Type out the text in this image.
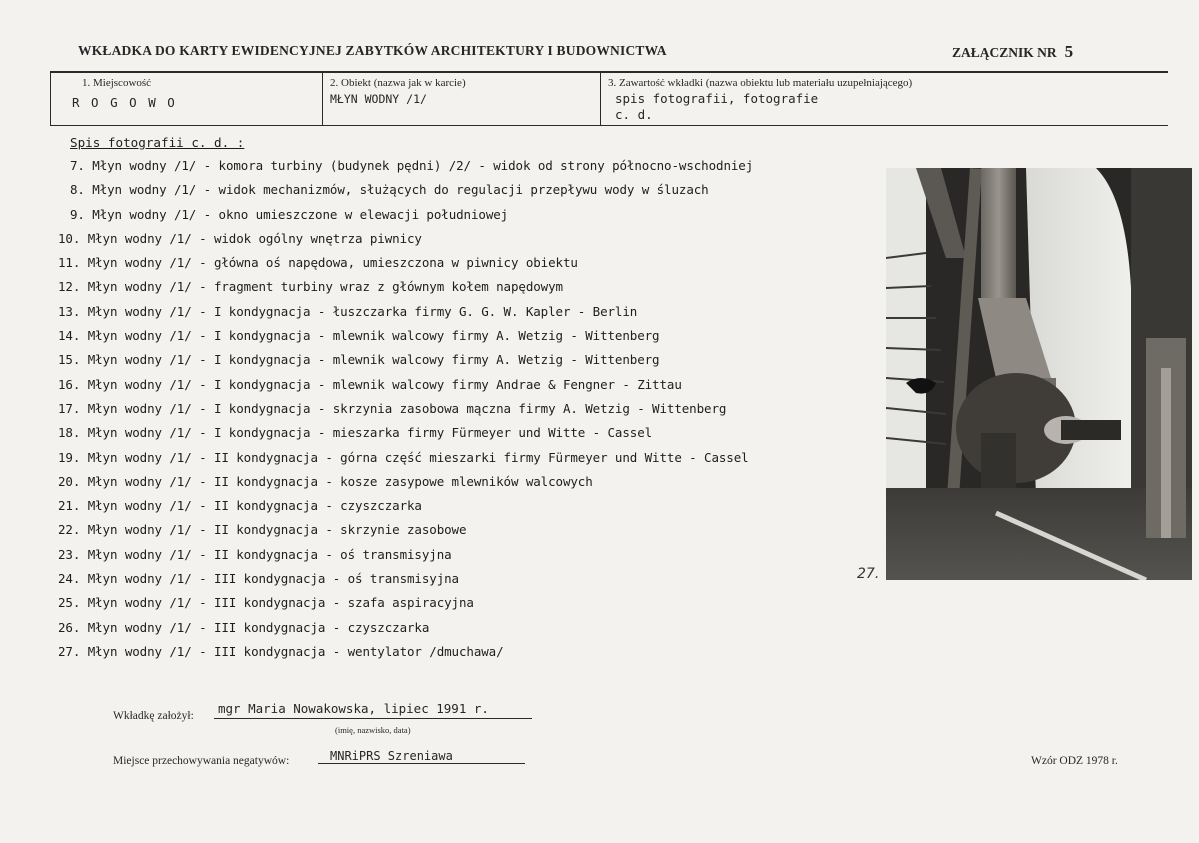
WKŁADKA DO KARTY EWIDENCYJNEJ ZABYTKÓW ARCHITEKTURY I BUDOWNICTWA	ZAŁĄCZNIK NR 5
1. Miejscowość
R O G O W O
2. Obiekt (nazwa jak w karcie)
MŁYN WODNY /1/
3. Zawartość wkładki (nazwa obiektu lub materiału uzupełniającego)
spis fotografii, fotografie
c. d.
Spis fotografii c. d. :
7. Młyn wodny /1/ - komora turbiny (budynek pędni) /2/ - widok od strony północno-wschodniej
8. Młyn wodny /1/ - widok mechanizmów, służących do regulacji przepływu wody w śluzach
9. Młyn wodny /1/ - okno umieszczone w elewacji południowej
10. Młyn wodny /1/ - widok ogólny wnętrza piwnicy
11. Młyn wodny /1/ - główna oś napędowa, umieszczona w piwnicy obiektu
12. Młyn wodny /1/ - fragment turbiny wraz z głównym kołem napędowym
13. Młyn wodny /1/ - I kondygnacja - łuszczarka firmy G. G. W. Kapler - Berlin
14. Młyn wodny /1/ - I kondygnacja - mlewnik walcowy firmy A. Wetzig - Wittenberg
15. Młyn wodny /1/ - I kondygnacja - mlewnik walcowy firmy A. Wetzig - Wittenberg
16. Młyn wodny /1/ - I kondygnacja - mlewnik walcowy firmy Andrae & Fengner - Zittau
17. Młyn wodny /1/ - I kondygnacja - skrzynia zasobowa mączna firmy A. Wetzig - Wittenberg
18. Młyn wodny /1/ - I kondygnacja - mieszarka firmy Fürmeyer und Witte - Cassel
19. Młyn wodny /1/ - II kondygnacja - górna część mieszarki firmy Fürmeyer und Witte - Cassel
20. Młyn wodny /1/ - II kondygnacja - kosze zasypowe mlewników walcowych
21. Młyn wodny /1/ - II kondygnacja - czyszczarka
22. Młyn wodny /1/ - II kondygnacja - skrzynie zasobowe
23. Młyn wodny /1/ - II kondygnacja - oś transmisyjna
24. Młyn wodny /1/ - III kondygnacja - oś transmisyjna
25. Młyn wodny /1/ - III kondygnacja - szafa aspiracyjna
26. Młyn wodny /1/ - III kondygnacja - czyszczarka
27. Młyn wodny /1/ - III kondygnacja - wentylator /dmuchawa/
27.
Wkładkę założył: mgr Maria Nowakowska, lipiec 1991 r.
(imię, nazwisko, data)
Miejsce przechowywania negatywów:	MNRiPRS Szreniawa	Wzór ODZ 1978 r.
